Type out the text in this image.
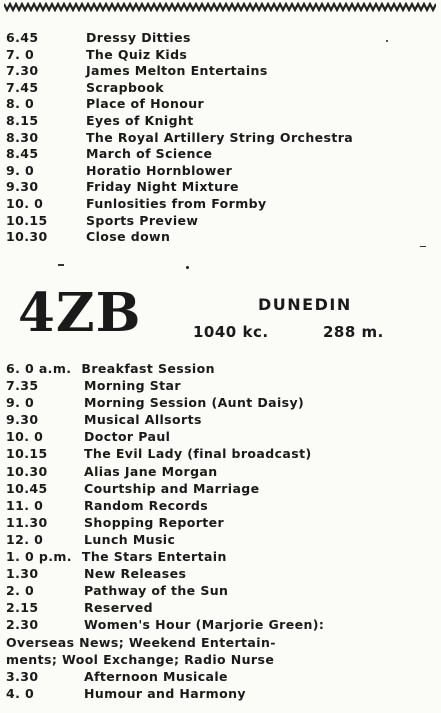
6.45	Dressy Ditties
7. 0	The Quiz Kids
7.30	James Melton Entertains
7.45	Scrapbook
8. 0	Place of Honour
8.15	Eyes of Knight
8.30	The Royal Artillery String Orchestra
8.45	March of Science
9. 0	Horatio Hornblower
9.30	Friday Night Mixture
10. 0	Funlosities from Formby
10.15	Sports Preview
10.30	Close down
4ZB	DUNEDIN
1040 kc.	288 m.
6. 0 a.m. Breakfast Session
7.35	Morning Star
9. 0	Morning Session (Aunt Daisy)
9.30	Musical Allsorts
10. 0	Doctor Paul
10.15	The Evil Lady (final broadcast)
10.30	Alias Jane Morgan
10.45	Courtship and Marriage
11. 0	Random Records
11.30	Shopping Reporter
12. 0	Lunch Music
1. 0 p.m. The Stars Entertain
1.30	New Releases
2. 0	Pathway of the Sun
2.15	Reserved
2.30	Women's Hour (Marjorie Green):
Overseas News; Weekend Entertain-
ments; Wool Exchange; Radio Nurse
3.30	Afternoon Musicale
4. 0	Humour and Harmony
